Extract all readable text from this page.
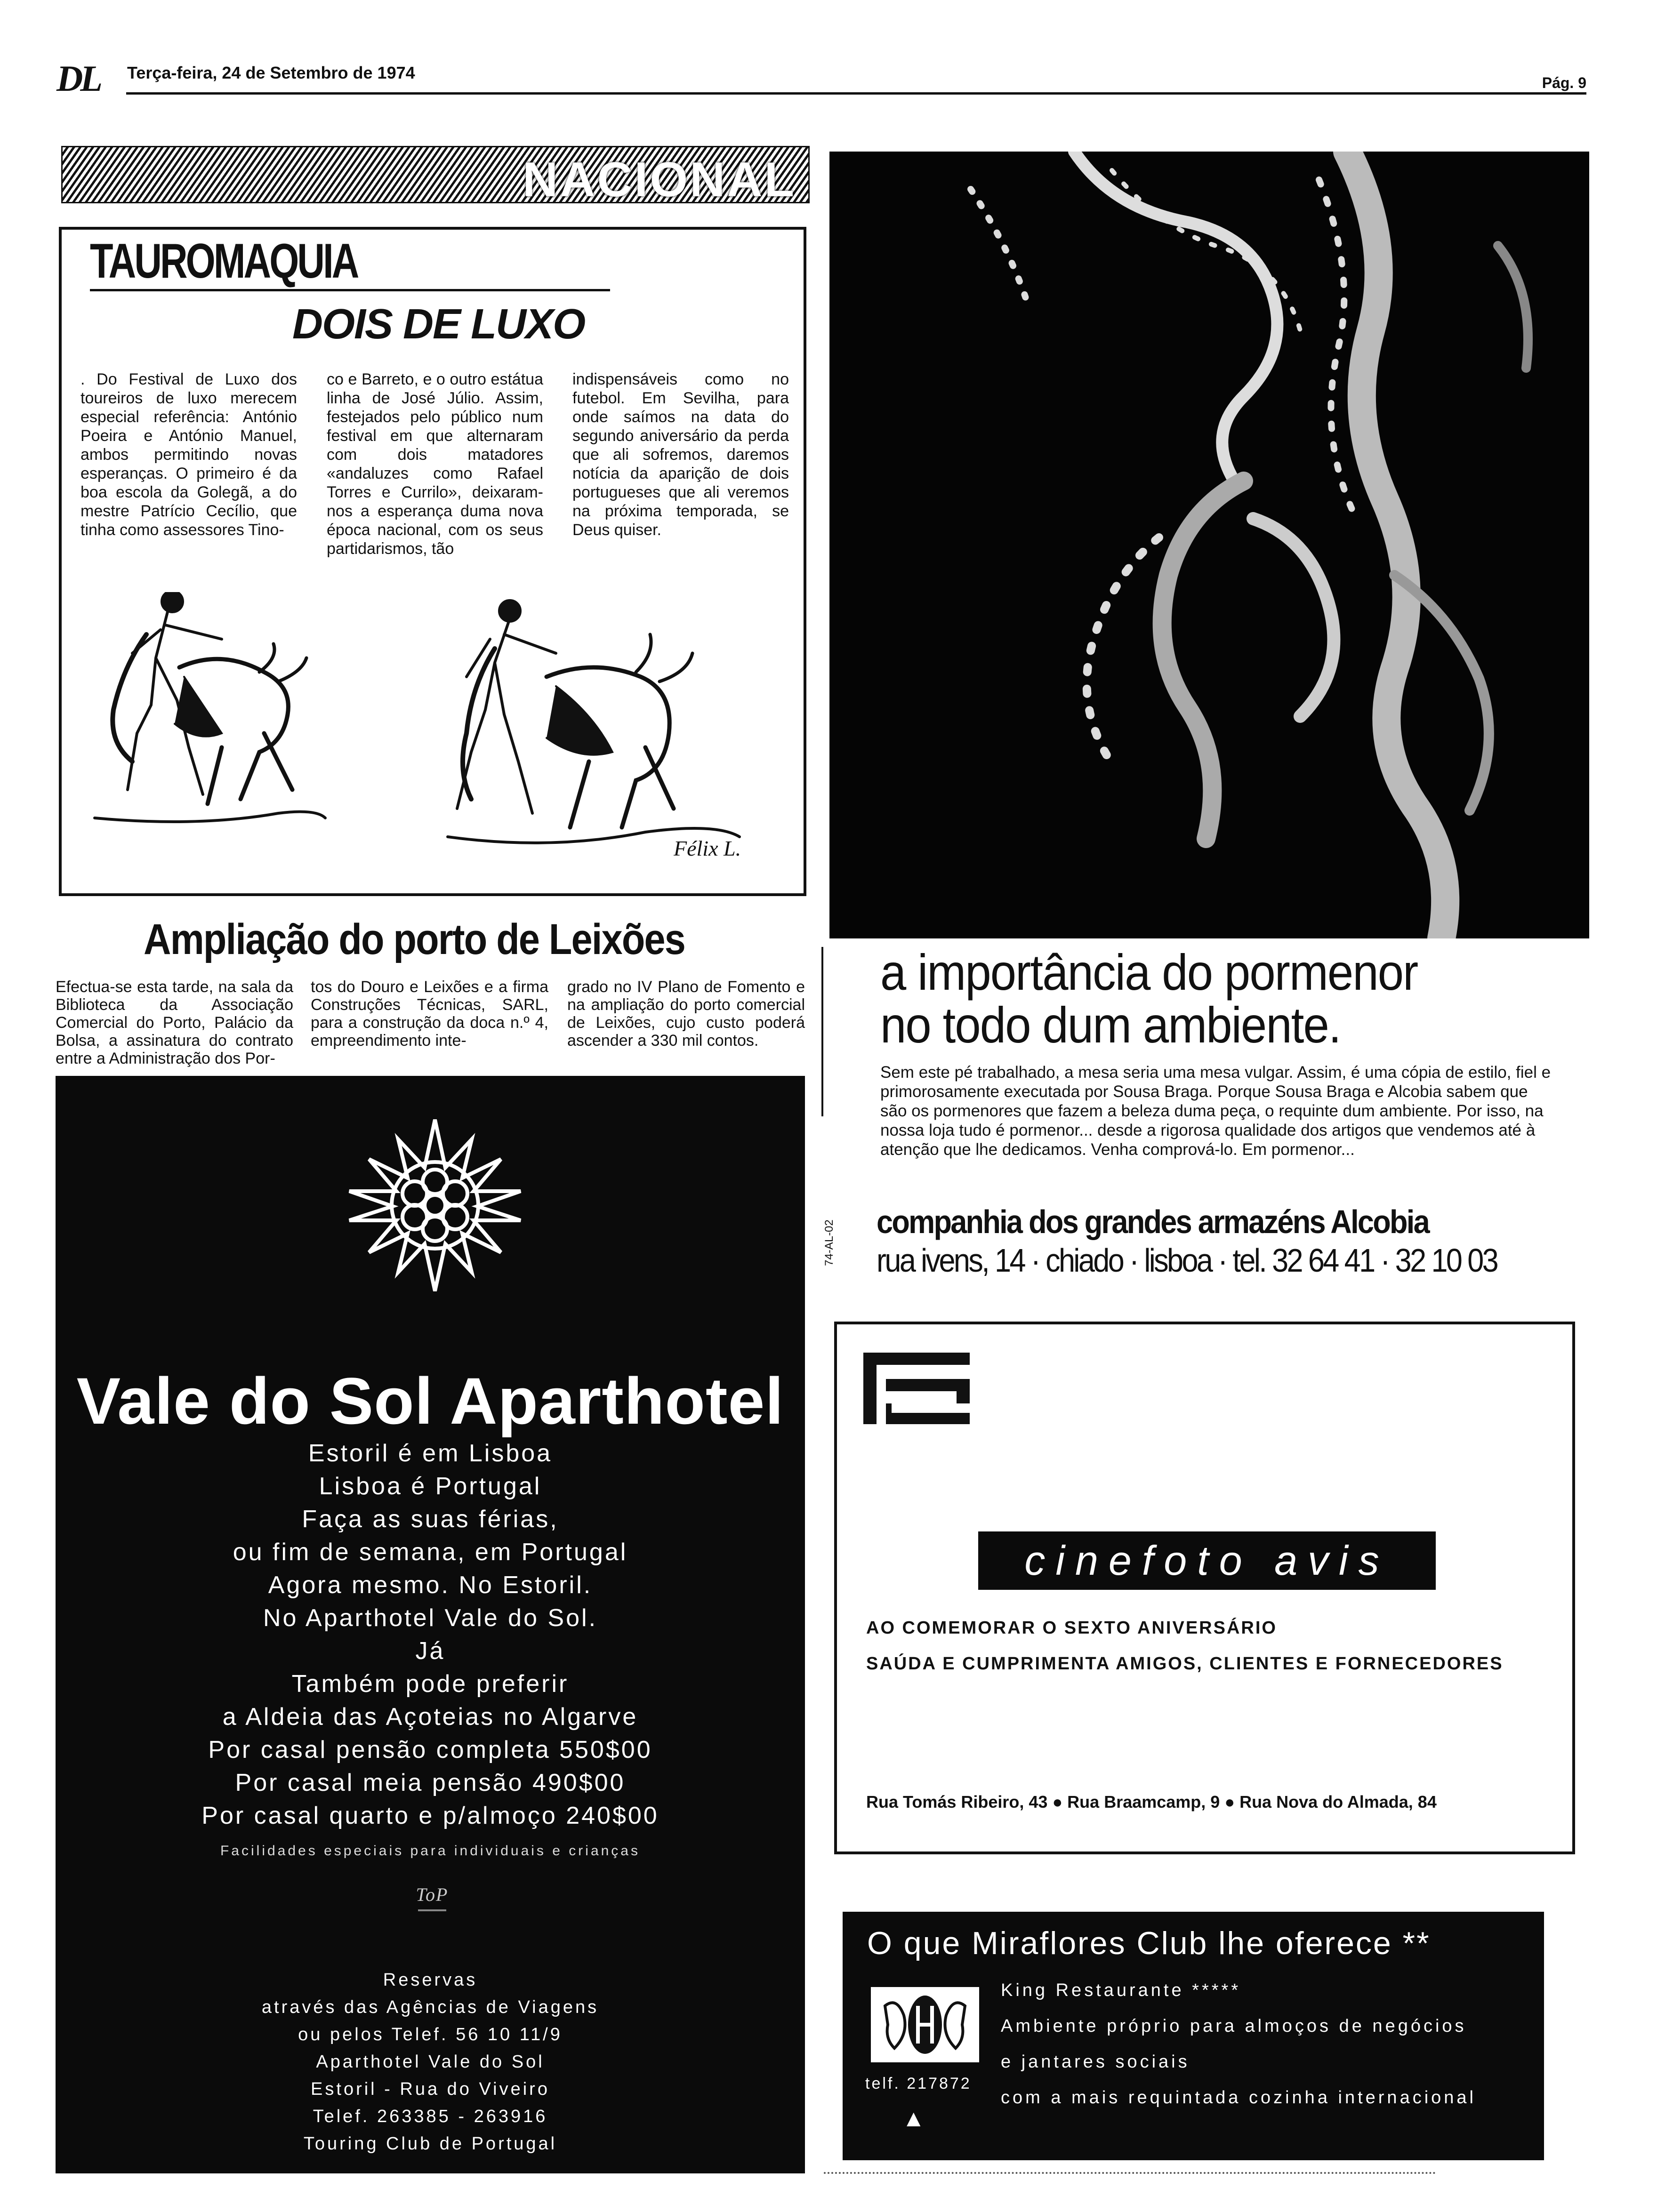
DL Terça-feira, 24 de Setembro de 1974
Pág. 9
NACIONAL
TAUROMAQUIA
DOIS DE LUXO

. Do Festival de Luxo dos toureiros de luxo merecem especial referência: António Poeira e António Manuel, ambos permitindo novas esperanças. O primeiro é da boa escola da Golegã, a do mestre Patrício Cecílio, que tinha como assessores Tino-

co e Barreto, e o outro estátua linha de José Júlio. Assim, festejados pelo público num festival em que alternaram com dois matadores «andaluzes como Rafael Torres e Currilo», deixaram-nos a esperança duma nova época nacional, com os seus partidarismos, tão

indispensáveis como no futebol. Em Sevilha, para onde saímos na data do segundo aniversário da perda que ali sofremos, daremos notícia da aparição de dois portugueses que ali veremos na próxima temporada, se Deus quiser.

Félix L.
Ampliação do porto de Leixões

Efectua-se esta tarde, na sala da Biblioteca da Associação Comercial do Porto, Palácio da Bolsa, a assinatura do contrato entre a Administração dos Por-

tos do Douro e Leixões e a firma Construções Técnicas, SARL, para a construção da doca n.º 4, empreendimento inte-

grado no IV Plano de Fomento e na ampliação do porto comercial de Leixões, cujo custo poderá ascender a 330 mil contos.

Vale do Sol Aparthotel
Estoril é em Lisboa
Lisboa é Portugal
Faça as suas férias,
ou fim de semana, em Portugal
Agora mesmo. No Estoril.
No Aparthotel Vale do Sol.
Já
Também pode preferir
a Aldeia das Açoteias no Algarve
Por casal pensão completa 550$00
Por casal meia pensão 490$00
Por casal quarto e p/almoço 240$00
Facilidades especiais para individuais e crianças
ToP
Reservas
através das Agências de Viagens
ou pelos Telef. 56 10 11/9
Aparthotel Vale do Sol
Estoril - Rua do Viveiro
Telef. 263385 - 263916
Touring Club de Portugal
a importância do pormenor
no todo dum ambiente.

Sem este pé trabalhado, a mesa seria uma mesa vulgar. Assim, é uma cópia de estilo, fiel e primorosamente executada por Sousa Braga. Porque Sousa Braga e Alcobia sabem que são os pormenores que fazem a beleza duma peça, o requinte dum ambiente. Por isso, na nossa loja tudo é pormenor... desde a rigorosa qualidade dos artigos que vendemos até à atenção que lhe dedicamos. Venha comprová-lo. Em pormenor...

companhia dos grandes armazéns Alcobia
rua ivens, 14 · chiado · lisboa · tel. 32 64 41 · 32 10 03
74-AL-02
cinefoto avis
AO COMEMORAR O SEXTO ANIVERSÁRIO
SAÚDA E CUMPRIMENTA AMIGOS, CLIENTES E FORNECEDORES
Rua Tomás Ribeiro, 43 ● Rua Braamcamp, 9 ● Rua Nova do Almada, 84
O que Miraflores Club lhe oferece **
King Restaurante *****
Ambiente próprio para almoços de negócios
e jantares sociais
com a mais requintada cozinha internacional
telf. 217872
▲
